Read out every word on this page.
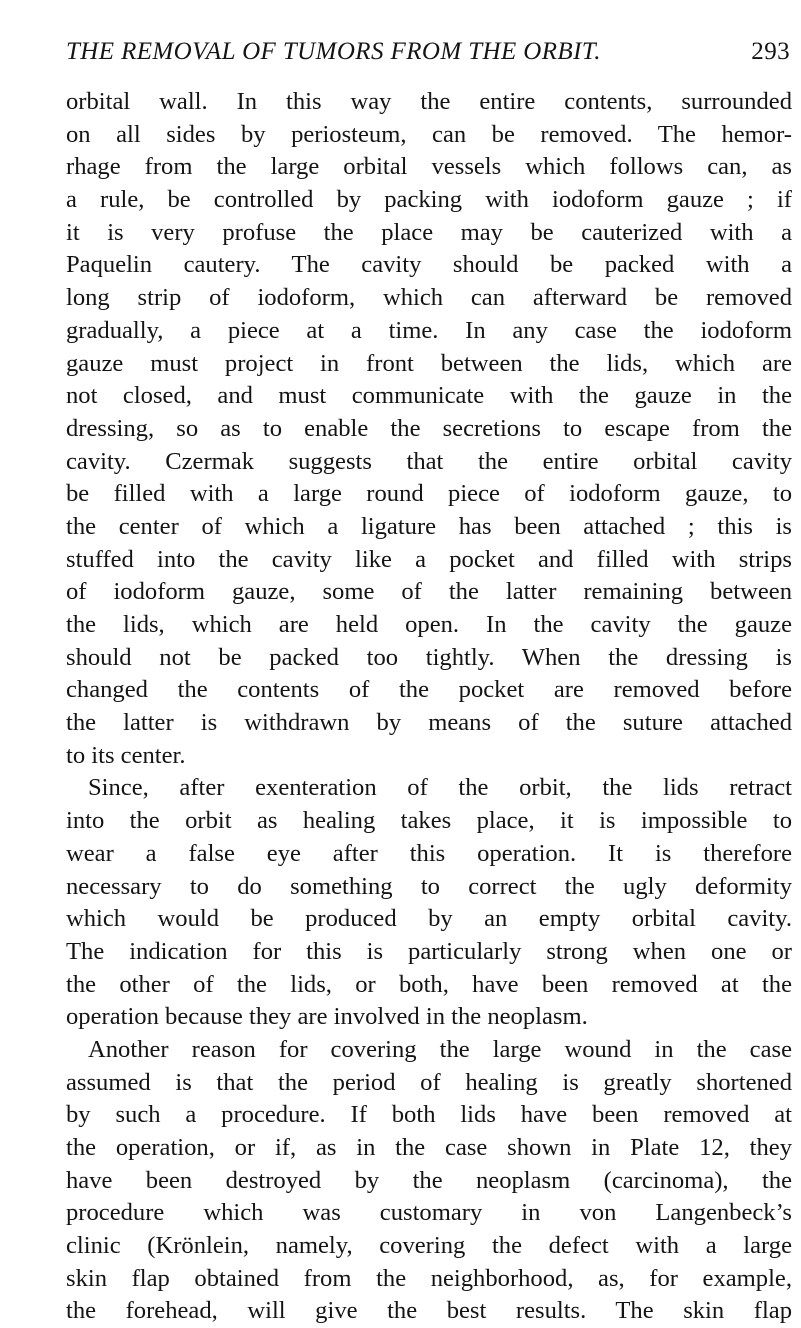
THE REMOVAL OF TUMORS FROM THE ORBIT.	293
orbital wall. In this way the entire contents, surrounded
on all sides by periosteum, can be removed. The hemor-
rhage from the large orbital vessels which follows can, as
a rule, be controlled by packing with iodoform gauze ; if
it is very profuse the place may be cauterized with a
Paquelin cautery. The cavity should be packed with a
long strip of iodoform, which can afterward be removed
gradually, a piece at a time. In any case the iodoform
gauze must project in front between the lids, which are
not closed, and must communicate with the gauze in the
dressing, so as to enable the secretions to escape from the
cavity. Czermak suggests that the entire orbital cavity
be filled with a large round piece of iodoform gauze, to
the center of which a ligature has been attached ; this is
stuffed into the cavity like a pocket and filled with strips
of iodoform gauze, some of the latter remaining between
the lids, which are held open. In the cavity the gauze
should not be packed too tightly. When the dressing is
changed the contents of the pocket are removed before
the latter is withdrawn by means of the suture attached
to its center.
Since, after exenteration of the orbit, the lids retract
into the orbit as healing takes place, it is impossible to
wear a false eye after this operation. It is therefore
necessary to do something to correct the ugly deformity
which would be produced by an empty orbital cavity.
The indication for this is particularly strong when one or
the other of the lids, or both, have been removed at the
operation because they are involved in the neoplasm.
Another reason for covering the large wound in the case
assumed is that the period of healing is greatly shortened
by such a procedure. If both lids have been removed at
the operation, or if, as in the case shown in Plate 12, they
have been destroyed by the neoplasm (carcinoma), the
procedure which was customary in von Langenbeck’s
clinic (Krönlein, namely, covering the defect with a large
skin flap obtained from the neighborhood, as, for example,
the forehead, will give the best results. The skin flap
